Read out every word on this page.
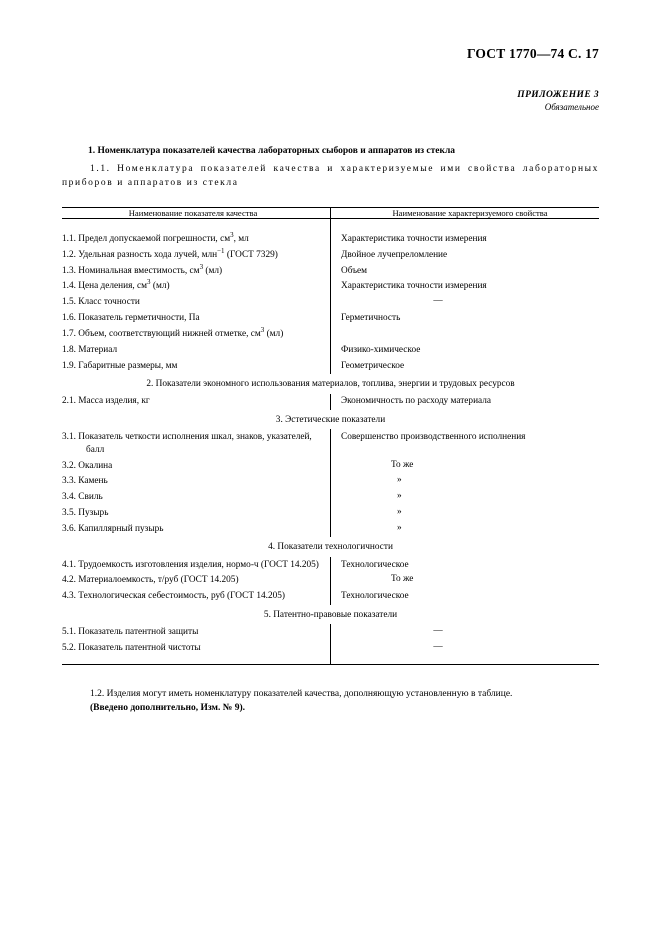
ГОСТ 1770—74 С. 17
ПРИЛОЖЕНИЕ 3
Обязательное
1. Номенклатура показателей качества лабораторных сыборов и аппаратов из стекла
1.1. Номенклатура показателей качества и характеризуемые ими свойства лабораторных приборов и аппаратов из стекла
Наименование показателя качества	Наименование характеризуемого свойства

1.1. Предел допускаемой погрешности, $см^3$, мл	Характеристика точности измерения

1.2. Удельная разность хода лучей, млн$^{-1}$ (ГОСТ 7329)	Двойное лучепреломление

1.3. Номинальная вместимость, $см^3$ (мл)	Объем

1.4. Цена деления, $см^3$ (мл)	Характеристика точности измерения

1.5. Класс точности	—

1.6. Показатель герметичности, Па	Герметичность

1.7. Объем, соответствующий нижней отметке, $см^3$ (мл)	

1.8. Материал	Физико-химическое

1.9. Габаритные размеры, мм	Геометрическое

2. Показатели экономного использования материалов, топлива, энергии и трудовых ресурсов	

2.1. Масса изделия, кг	Экономичность по расходу материала

3. Эстетические показатели	

3.1. Показатель четкости исполнения шкал, знаков, указателей, балл	Совершенство производственного исполнения

3.2. Окалина	То же

3.3. Камень	»

3.4. Свиль	»

3.5. Пузырь	»

3.6. Капиллярный пузырь	»

4. Показатели технологичности	

4.1. Трудоемкость изготовления изделия, нормо-ч (ГОСТ 14.205)	Технологическое

4.2. Материалоемкость, т/руб (ГОСТ 14.205)	То же

4.3. Технологическая себестоимость, руб (ГОСТ 14.205)	Технологическое

5. Патентно-правовые показатели	

5.1. Показатель патентной защиты	—

5.2. Показатель патентной чистоты	—

1.2. Изделия могут иметь номенклатуру показателей качества, дополняющую установленную в таблице.
(Введено дополнительно, Изм. № 9).
